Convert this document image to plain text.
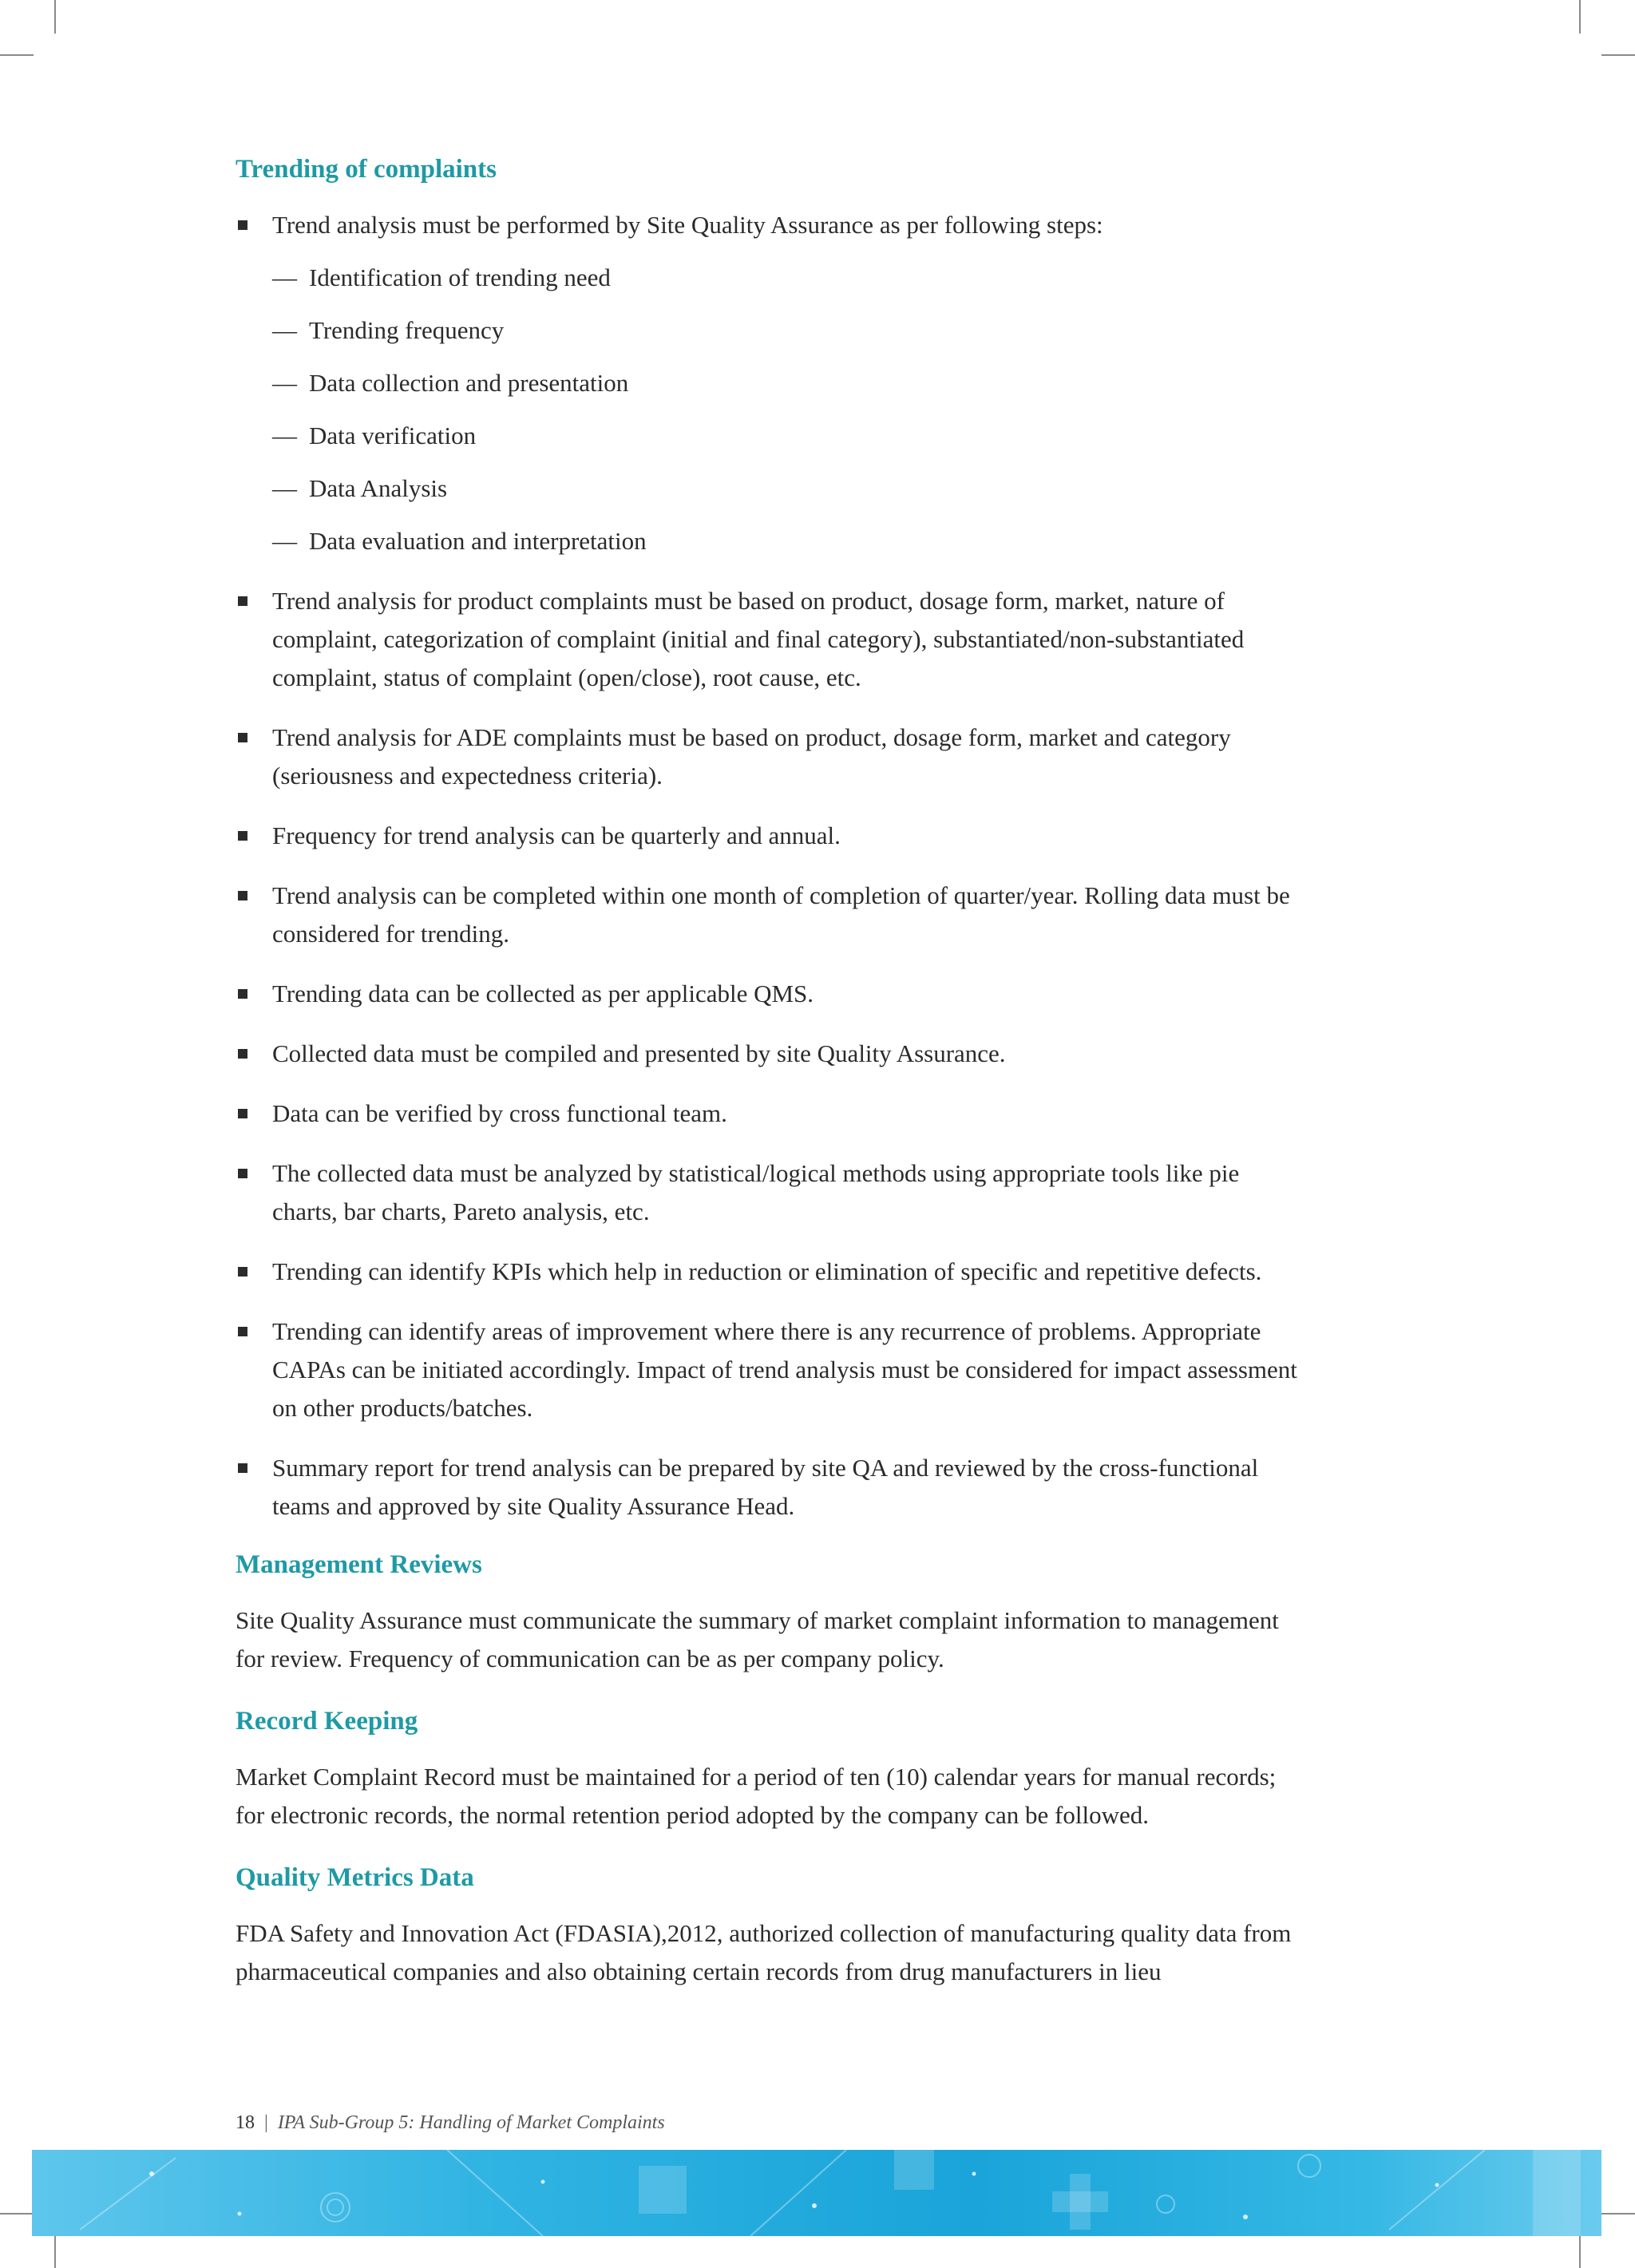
Trending of complaints
Trend analysis must be performed by Site Quality Assurance as per following steps:
— Identification of trending need
— Trending frequency
— Data collection and presentation
— Data verification
— Data Analysis
— Data evaluation and interpretation
Trend analysis for product complaints must be based on product, dosage form, market, nature of complaint, categorization of complaint (initial and final category), substantiated/non-substantiated complaint, status of complaint (open/close), root cause, etc.
Trend analysis for ADE complaints must be based on product, dosage form, market and category (seriousness and expectedness criteria).
Frequency for trend analysis can be quarterly and annual.
Trend analysis can be completed within one month of completion of quarter/year. Rolling data must be considered for trending.
Trending data can be collected as per applicable QMS.
Collected data must be compiled and presented by site Quality Assurance.
Data can be verified by cross functional team.
The collected data must be analyzed by statistical/logical methods using appropriate tools like pie charts, bar charts, Pareto analysis, etc.
Trending can identify KPIs which help in reduction or elimination of specific and repetitive defects.
Trending can identify areas of improvement where there is any recurrence of problems. Appropriate CAPAs can be initiated accordingly. Impact of trend analysis must be considered for impact assessment on other products/batches.
Summary report for trend analysis can be prepared by site QA and reviewed by the cross-functional teams and approved by site Quality Assurance Head.
Management Reviews

Site Quality Assurance must communicate the summary of market complaint information to management for review. Frequency of communication can be as per company policy.

Record Keeping

Market Complaint Record must be maintained for a period of ten (10) calendar years for manual records; for electronic records, the normal retention period adopted by the company can be followed.

Quality Metrics Data

FDA Safety and Innovation Act (FDASIA),2012, authorized collection of manufacturing quality data from pharmaceutical companies and also obtaining certain records from drug manufacturers in lieu

18 | IPA Sub-Group 5: Handling of Market Complaints
